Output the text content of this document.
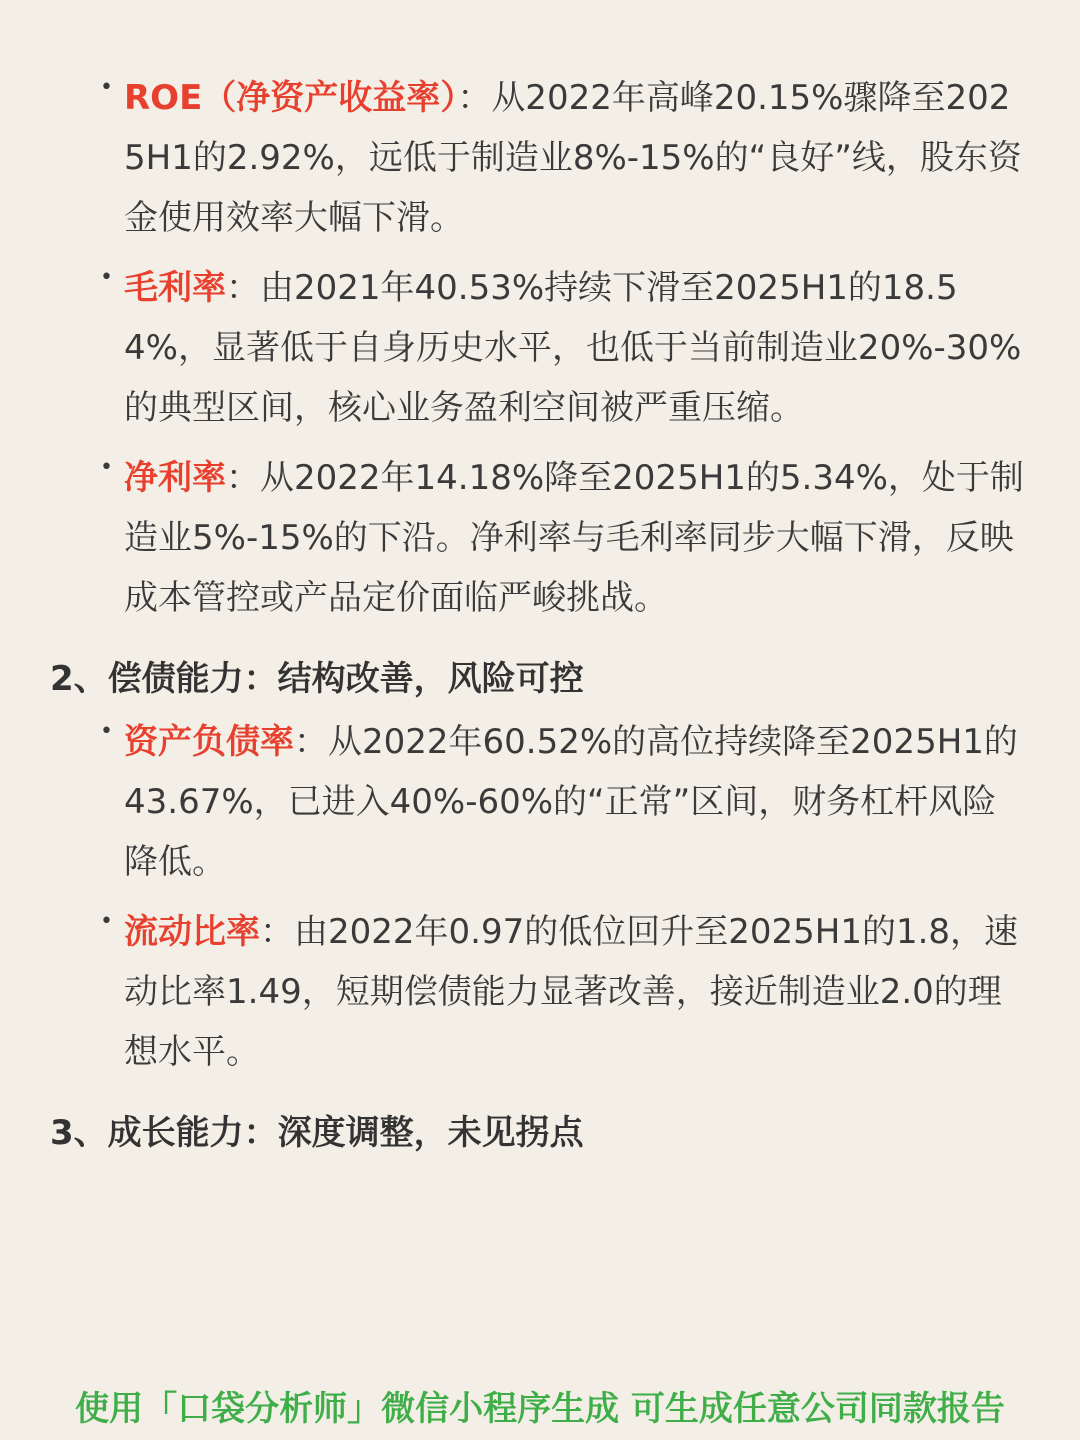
• ROE（净资产收益率）：从2022年高峰20.15%骤降至2025H1的2.92%，远低于制造业8%-15%的“良好”线，股东资金使用效率大幅下滑。
• 毛利率：由2021年40.53%持续下滑至2025H1的18.54%，显著低于自身历史水平，也低于当前制造业20%-30%的典型区间，核心业务盈利空间被严重压缩。
• 净利率：从2022年14.18%降至2025H1的5.34%，处于制造业5%-15%的下沿。净利率与毛利率同步大幅下滑，反映成本管控或产品定价面临严峻挑战。
2、偿债能力：结构改善，风险可控
• 资产负债率：从2022年60.52%的高位持续降至2025H1的43.67%，已进入40%-60%的“正常”区间，财务杠杆风险降低。
• 流动比率：由2022年0.97的低位回升至2025H1的1.8，速动比率1.49，短期偿债能力显著改善，接近制造业2.0的理想水平。
3、成长能力：深度调整，未见拐点
使用「口袋分析师」微信小程序生成 可生成任意公司同款报告
